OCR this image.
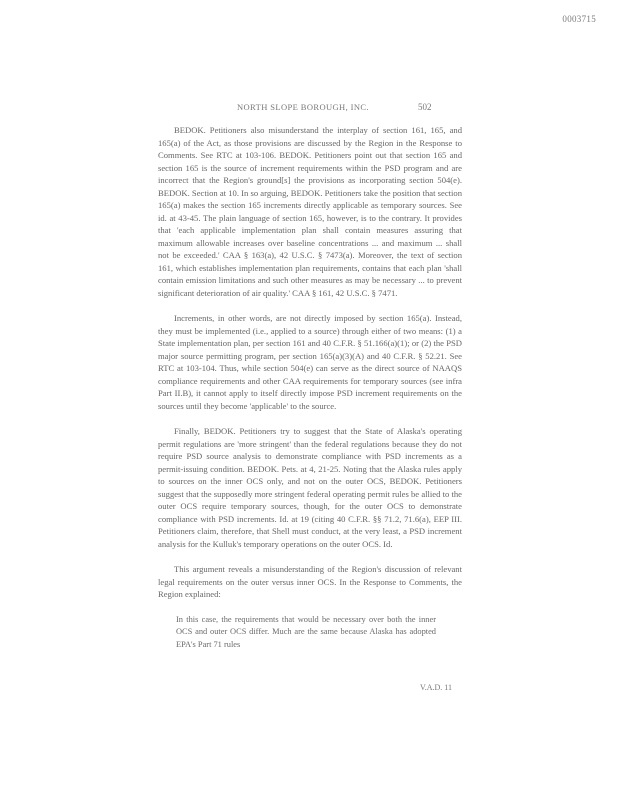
0003715
NORTH SLOPE BOROUGH, INC.	502

BEDOK. Petitioners also misunderstand the interplay of section 161, 165, and 165(a) of the Act, as those provisions are discussed by the Region in the Response to Comments. See RTC at 103-106. BEDOK. Petitioners point out that section 165 and section 165 is the source of increment requirements within the PSD program and are incorrect that the Region's ground[s] the provisions as incorporating section 504(e). BEDOK. Section at 10. In so arguing, BEDOK. Petitioners take the position that section 165(a) makes the section 165 increments directly applicable as temporary sources. See id. at 43-45. The plain language of section 165, however, is to the contrary. It provides that 'each applicable implementation plan shall contain measures assuring that maximum allowable increases over baseline concentrations ... and maximum ... shall not be exceeded.' CAA § 163(a), 42 U.S.C. § 7473(a). Moreover, the text of section 161, which establishes implementation plan requirements, contains that each plan 'shall contain emission limitations and such other measures as may be necessary ... to prevent significant deterioration of air quality.' CAA § 161, 42 U.S.C. § 7471.

Increments, in other words, are not directly imposed by section 165(a). Instead, they must be implemented (i.e., applied to a source) through either of two means: (1) a State implementation plan, per section 161 and 40 C.F.R. § 51.166(a)(1); or (2) the PSD major source permitting program, per section 165(a)(3)(A) and 40 C.F.R. § 52.21. See RTC at 103-104. Thus, while section 504(e) can serve as the direct source of NAAQS compliance requirements and other CAA requirements for temporary sources (see infra Part II.B), it cannot apply to itself directly impose PSD increment requirements on the sources until they become 'applicable' to the source.

Finally, BEDOK. Petitioners try to suggest that the State of Alaska's operating permit regulations are 'more stringent' than the federal regulations because they do not require PSD source analysis to demonstrate compliance with PSD increments as a permit-issuing condition. BEDOK. Pets. at 4, 21-25. Noting that the Alaska rules apply to sources on the inner OCS only, and not on the outer OCS, BEDOK. Petitioners suggest that the supposedly more stringent federal operating permit rules be allied to the outer OCS require temporary sources, though, for the outer OCS to demonstrate compliance with PSD increments. Id. at 19 (citing 40 C.F.R. §§ 71.2, 71.6(a), EEP III. Petitioners claim, therefore, that Shell must conduct, at the very least, a PSD increment analysis for the Kulluk's temporary operations on the outer OCS. Id.

This argument reveals a misunderstanding of the Region's discussion of relevant legal requirements on the outer versus inner OCS. In the Response to Comments, the Region explained:

In this case, the requirements that would be necessary over both the inner OCS and outer OCS differ. Much are the same because Alaska has adopted EPA's Part 71 rules
V.A.D. 11
